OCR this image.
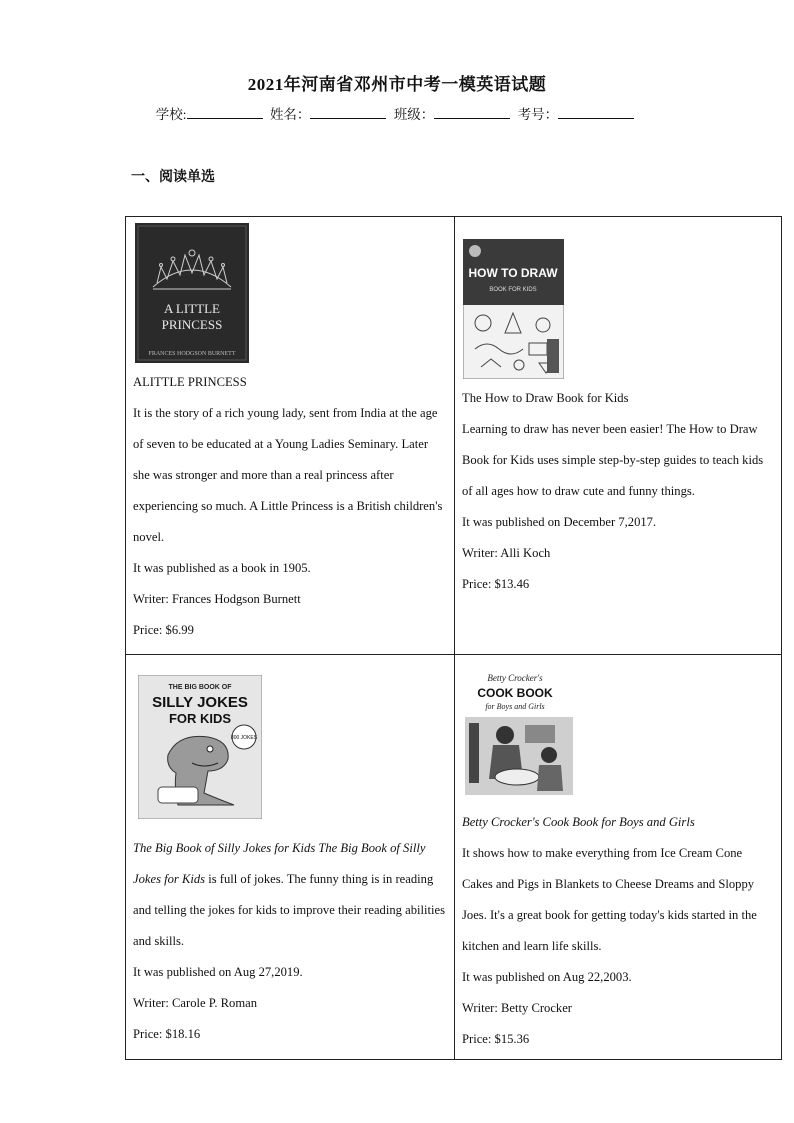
2021年河南省邓州市中考一模英语试题
学校:	姓名：	班级：	考号：
一、阅读单选
A LITTLE
PRINCESS
FRANCES HODGSON BURNETT

ALITTLE PRINCESS

It is the story of a rich young lady, sent from India at the age of seven to be educated at a Young Ladies Seminary. Later she was stronger and more than a real princess after experiencing so much. A Little Princess is a British children's novel.

It was published as a book in 1905.

Writer: Frances Hodgson Burnett

Price: $6.99

HOW TO DRAW
BOOK FOR KIDS

The How to Draw Book for Kids

Learning to draw has never been easier! The How to Draw Book for Kids uses simple step-by-step guides to teach kids of all ages how to draw cute and funny things.

It was published on December 7,2017.

Writer: Alli Koch

Price: $13.46

THE BIG BOOK OF
SILLY JOKES
FOR KIDS
800 JOKES

The Big Book of Silly Jokes for Kids The Big Book of Silly Jokes for Kids is full of jokes. The funny thing is in reading and telling the jokes for kids to improve their reading abilities and skills.

It was published on Aug 27,2019.

Writer: Carole P. Roman

Price: $18.16

Betty Crocker's
COOK BOOK
for Boys and Girls

Betty Crocker's Cook Book for Boys and Girls

It shows how to make everything from Ice Cream Cone Cakes and Pigs in Blankets to Cheese Dreams and Sloppy Joes. It's a great book for getting today's kids started in the kitchen and learn life skills.

It was published on Aug 22,2003.

Writer: Betty Crocker

Price: $15.36
